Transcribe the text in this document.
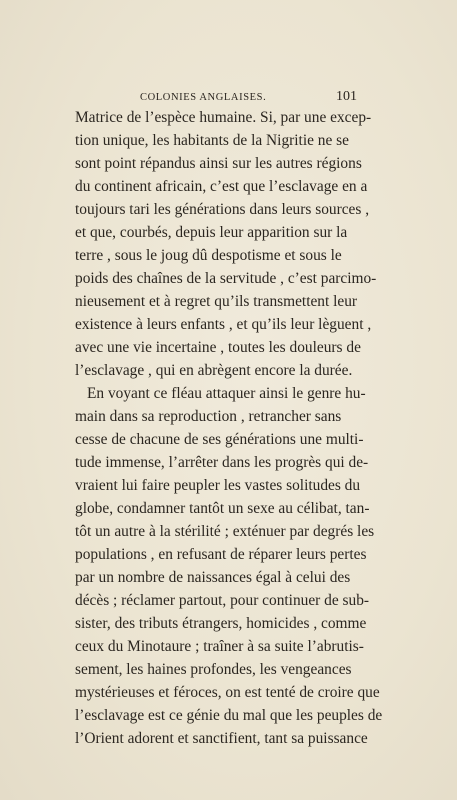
COLONIES ANGLAISES.	101
Matrice de l’espèce humaine. Si, par une excep-
tion unique, les habitants de la Nigritie ne se
sont point répandus ainsi sur les autres régions
du continent africain, c’est que l’esclavage en a
toujours tari les générations dans leurs sources ,
et que, courbés, depuis leur apparition sur la
terre , sous le joug dû despotisme et sous le
poids des chaînes de la servitude , c’est parcimo-
nieusement et à regret qu’ils transmettent leur
existence à leurs enfants , et qu’ils leur lèguent ,
avec une vie incertaine , toutes les douleurs de
l’esclavage , qui en abrègent encore la durée.
En voyant ce fléau attaquer ainsi le genre hu-
main dans sa reproduction , retrancher sans
cesse de chacune de ses générations une multi-
tude immense, l’arrêter dans les progrès qui de-
vraient lui faire peupler les vastes solitudes du
globe, condamner tantôt un sexe au célibat, tan-
tôt un autre à la stérilité ; exténuer par degrés les
populations , en refusant de réparer leurs pertes
par un nombre de naissances égal à celui des
décès ; réclamer partout, pour continuer de sub-
sister, des tributs étrangers, homicides , comme
ceux du Minotaure ; traîner à sa suite l’abrutis-
sement, les haines profondes, les vengeances
mystérieuses et féroces, on est tenté de croire que
l’esclavage est ce génie du mal que les peuples de
l’Orient adorent et sanctifient, tant sa puissance
